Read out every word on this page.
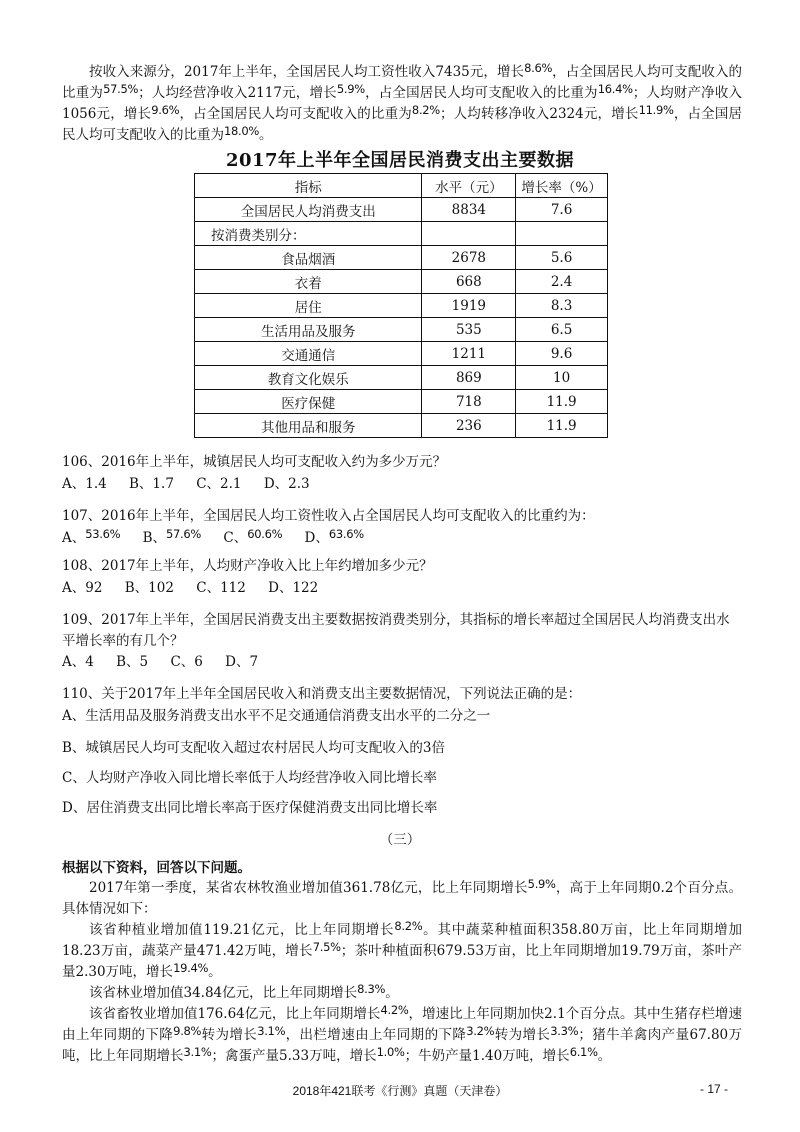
按收入来源分，2017年上半年，全国居民人均工资性收入7435元，增长8.6%，占全国居民人均可支配收入的比重为57.5%；人均经营净收入2117元，增长5.9%，占全国居民人均可支配收入的比重为16.4%；人均财产净收入1056元，增长9.6%，占全国居民人均可支配收入的比重为8.2%；人均转移净收入2324元，增长11.9%，占全国居民人均可支配收入的比重为18.0%。

2017年上半年全国居民消费支出主要数据

指标	水平（元）	增长率（%）
全国居民人均消费支出	8834	7.6
按消费类别分：		
食品烟酒	2678	5.6
衣着	668	2.4
居住	1919	8.3
生活用品及服务	535	6.5
交通通信	1211	9.6
教育文化娱乐	869	10
医疗保健	718	11.9
其他用品和服务	236	11.9

106、2016年上半年，城镇居民人均可支配收入约为多少万元？

A、1.4 B、1.7 C、2.1 D、2.3

107、2016年上半年，全国居民人均工资性收入占全国居民人均可支配收入的比重约为：

A、53.6% B、57.6% C、60.6% D、63.6%

108、2017年上半年，人均财产净收入比上年约增加多少元？

A、92 B、102 C、112 D、122

109、2017年上半年，全国居民消费支出主要数据按消费类别分，其指标的增长率超过全国居民人均消费支出水平增长率的有几个？

A、4 B、5 C、6 D、7

110、关于2017年上半年全国居民收入和消费支出主要数据情况，下列说法正确的是：

A、生活用品及服务消费支出水平不足交通通信消费支出水平的二分之一

B、城镇居民人均可支配收入超过农村居民人均可支配收入的3倍

C、人均财产净收入同比增长率低于人均经营净收入同比增长率

D、居住消费支出同比增长率高于医疗保健消费支出同比增长率

（三）

根据以下资料，回答以下问题。

2017年第一季度，某省农林牧渔业增加值361.78亿元，比上年同期增长5.9%，高于上年同期0.2个百分点。具体情况如下：

该省种植业增加值119.21亿元，比上年同期增长8.2%。其中蔬菜种植面积358.80万亩，比上年同期增加18.23万亩，蔬菜产量471.42万吨，增长7.5%；茶叶种植面积679.53万亩，比上年同期增加19.79万亩，茶叶产量2.30万吨，增长19.4%。

该省林业增加值34.84亿元，比上年同期增长8.3%。

该省畜牧业增加值176.64亿元，比上年同期增长4.2%，增速比上年同期加快2.1个百分点。其中生猪存栏增速由上年同期的下降9.8%转为增长3.1%，出栏增速由上年同期的下降3.2%转为增长3.3%；猪牛羊禽肉产量67.80万吨，比上年同期增长3.1%；禽蛋产量5.33万吨，增长1.0%；牛奶产量1.40万吨，增长6.1%。

2018年421联考《行测》真题（天津卷）	- 17 -
